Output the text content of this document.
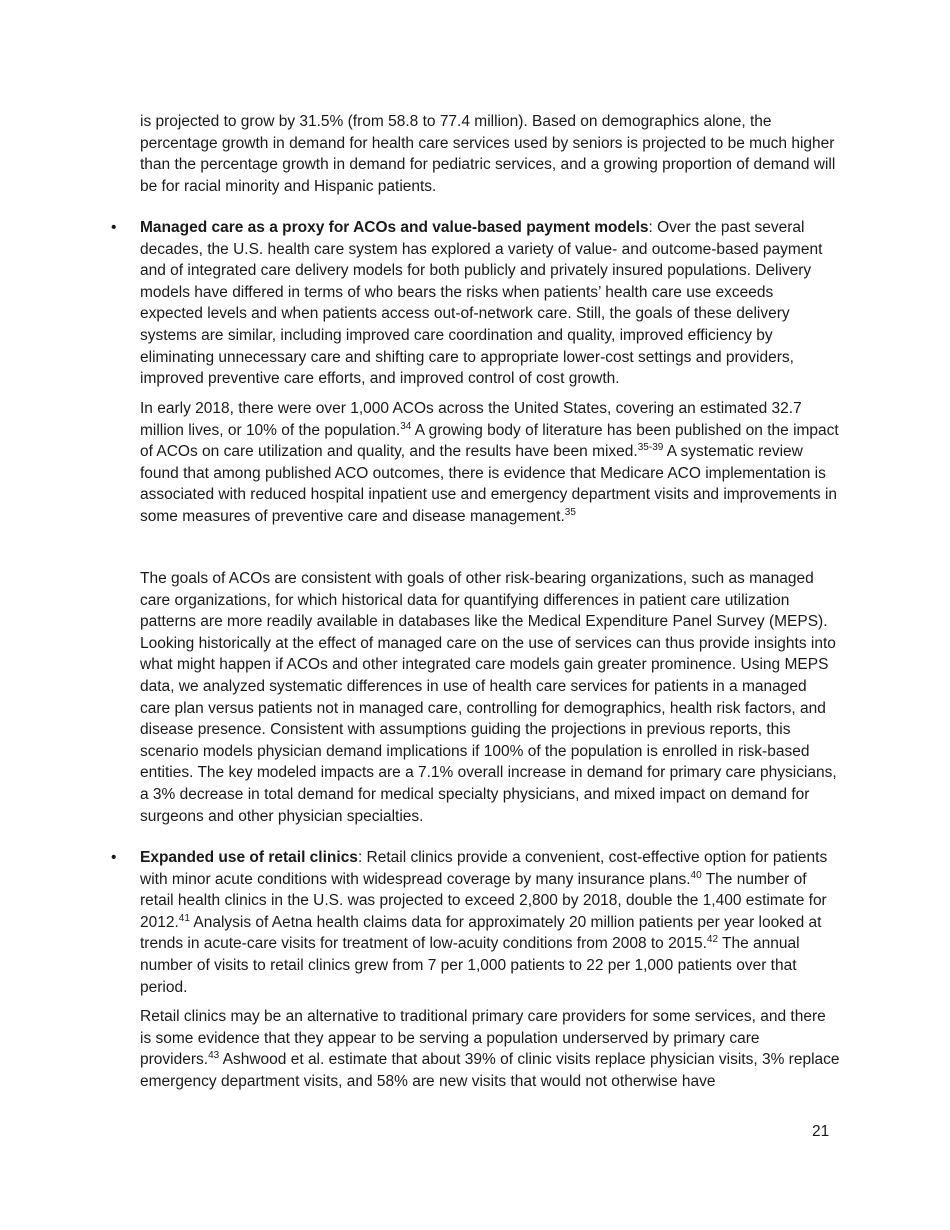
is projected to grow by 31.5% (from 58.8 to 77.4 million). Based on demographics alone, the percentage growth in demand for health care services used by seniors is projected to be much higher than the percentage growth in demand for pediatric services, and a growing proportion of demand will be for racial minority and Hispanic patients.

• Managed care as a proxy for ACOs and value-based payment models: Over the past several decades, the U.S. health care system has explored a variety of value- and outcome-based payment and of integrated care delivery models for both publicly and privately insured populations. Delivery models have differed in terms of who bears the risks when patients’ health care use exceeds expected levels and when patients access out-of-network care. Still, the goals of these delivery systems are similar, including improved care coordination and quality, improved efficiency by eliminating unnecessary care and shifting care to appropriate lower-cost settings and providers, improved preventive care efforts, and improved control of cost growth.

In early 2018, there were over 1,000 ACOs across the United States, covering an estimated 32.7 million lives, or 10% of the population.$^{34}$ A growing body of literature has been published on the impact of ACOs on care utilization and quality, and the results have been mixed.$^{35-39}$ A systematic review found that among published ACO outcomes, there is evidence that Medicare ACO implementation is associated with reduced hospital inpatient use and emergency department visits and improvements in some measures of preventive care and disease management.$^{35}$

The goals of ACOs are consistent with goals of other risk-bearing organizations, such as managed care organizations, for which historical data for quantifying differences in patient care utilization patterns are more readily available in databases like the Medical Expenditure Panel Survey (MEPS). Looking historically at the effect of managed care on the use of services can thus provide insights into what might happen if ACOs and other integrated care models gain greater prominence. Using MEPS data, we analyzed systematic differences in use of health care services for patients in a managed care plan versus patients not in managed care, controlling for demographics, health risk factors, and disease presence. Consistent with assumptions guiding the projections in previous reports, this scenario models physician demand implications if 100% of the population is enrolled in risk-based entities. The key modeled impacts are a 7.1% overall increase in demand for primary care physicians, a 3% decrease in total demand for medical specialty physicians, and mixed impact on demand for surgeons and other physician specialties.

• Expanded use of retail clinics: Retail clinics provide a convenient, cost-effective option for patients with minor acute conditions with widespread coverage by many insurance plans.$^{40}$ The number of retail health clinics in the U.S. was projected to exceed 2,800 by 2018, double the 1,400 estimate for 2012.41 Analysis of Aetna health claims data for approximately 20 million patients per year looked at trends in acute-care visits for treatment of low-acuity conditions from 2008 to 2015.42 The annual number of visits to retail clinics grew from 7 per 1,000 patients to 22 per 1,000 patients over that period.

Retail clinics may be an alternative to traditional primary care providers for some services, and there is some evidence that they appear to be serving a population underserved by primary care providers.$^{43}$ Ashwood et al. estimate that about 39% of clinic visits replace physician visits, 3% replace emergency department visits, and 58% are new visits that would not otherwise have

21
